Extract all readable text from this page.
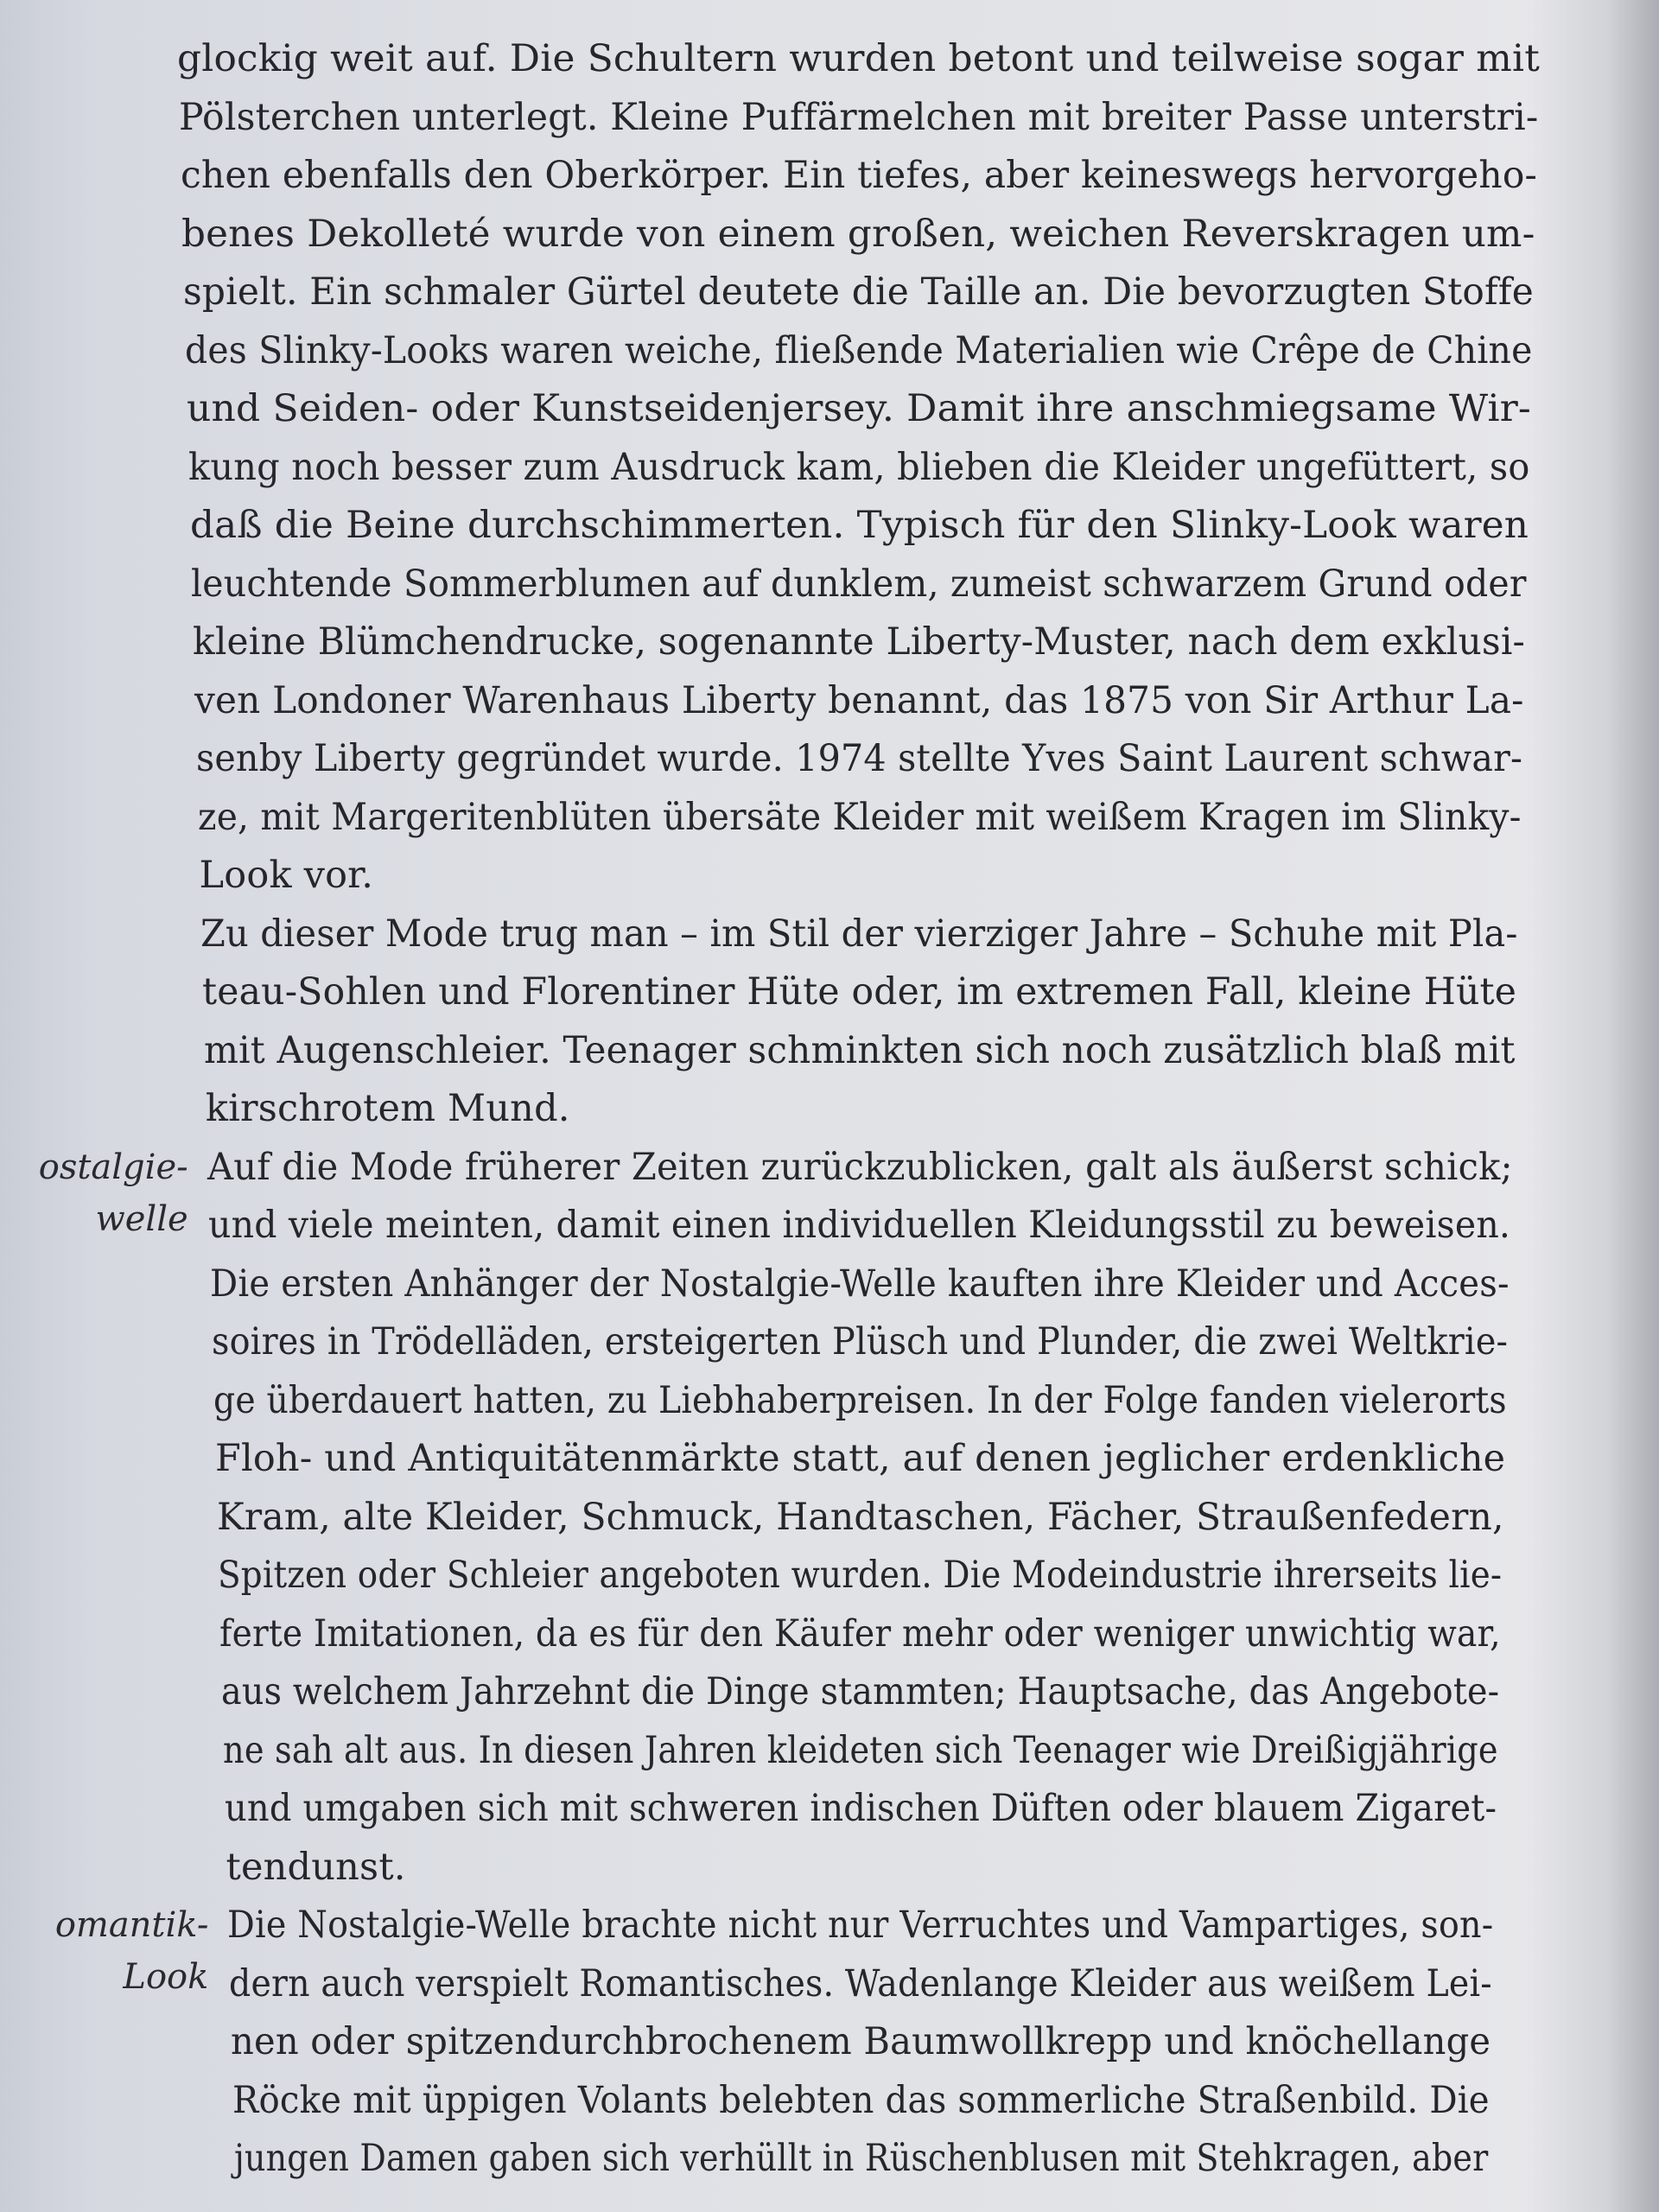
glockig weit auf. Die Schultern wurden betont und teilweise sogar mit
Pölsterchen unterlegt. Kleine Puffärmelchen mit breiter Passe unterstri-
chen ebenfalls den Oberkörper. Ein tiefes, aber keineswegs hervorgeho-
benes Dekolleté wurde von einem großen, weichen Reverskragen um-
spielt. Ein schmaler Gürtel deutete die Taille an. Die bevorzugten Stoffe
des Slinky-Looks waren weiche, fließende Materialien wie Crêpe de Chine
und Seiden- oder Kunstseidenjersey. Damit ihre anschmiegsame Wir-
kung noch besser zum Ausdruck kam, blieben die Kleider ungefüttert, so
daß die Beine durchschimmerten. Typisch für den Slinky-Look waren
leuchtende Sommerblumen auf dunklem, zumeist schwarzem Grund oder
kleine Blümchendrucke, sogenannte Liberty-Muster, nach dem exklusi-
ven Londoner Warenhaus Liberty benannt, das 1875 von Sir Arthur La-
senby Liberty gegründet wurde. 1974 stellte Yves Saint Laurent schwar-
ze, mit Margeritenblüten übersäte Kleider mit weißem Kragen im Slinky-
Look vor.
Zu dieser Mode trug man – im Stil der vierziger Jahre – Schuhe mit Pla-
teau-Sohlen und Florentiner Hüte oder, im extremen Fall, kleine Hüte
mit Augenschleier. Teenager schminkten sich noch zusätzlich blaß mit
kirschrotem Mund.
Auf die Mode früherer Zeiten zurückzublicken, galt als äußerst schick;
ostalgie-
welle und viele meinten, damit einen individuellen Kleidungsstil zu beweisen.
Die ersten Anhänger der Nostalgie-Welle kauften ihre Kleider und Acces-
soires in Trödelläden, ersteigerten Plüsch und Plunder, die zwei Weltkrie-
ge überdauert hatten, zu Liebhaberpreisen. In der Folge fanden vielerorts
Floh- und Antiquitätenmärkte statt, auf denen jeglicher erdenkliche
Kram, alte Kleider, Schmuck, Handtaschen, Fächer, Straußenfedern,
Spitzen oder Schleier angeboten wurden. Die Modeindustrie ihrerseits lie-
ferte Imitationen, da es für den Käufer mehr oder weniger unwichtig war,
aus welchem Jahrzehnt die Dinge stammten; Hauptsache, das Angebote-
ne sah alt aus. In diesen Jahren kleideten sich Teenager wie Dreißigjährige
und umgaben sich mit schweren indischen Düften oder blauem Zigaret-
tendunst.
Die Nostalgie-Welle brachte nicht nur Verruchtes und Vampartiges, son-
omantik-
Look dern auch verspielt Romantisches. Wadenlange Kleider aus weißem Lei-
nen oder spitzendurchbrochenem Baumwollkrepp und knöchellange
Röcke mit üppigen Volants belebten das sommerliche Straßenbild. Die
jungen Damen gaben sich verhüllt in Rüschenblusen mit Stehkragen, aber
